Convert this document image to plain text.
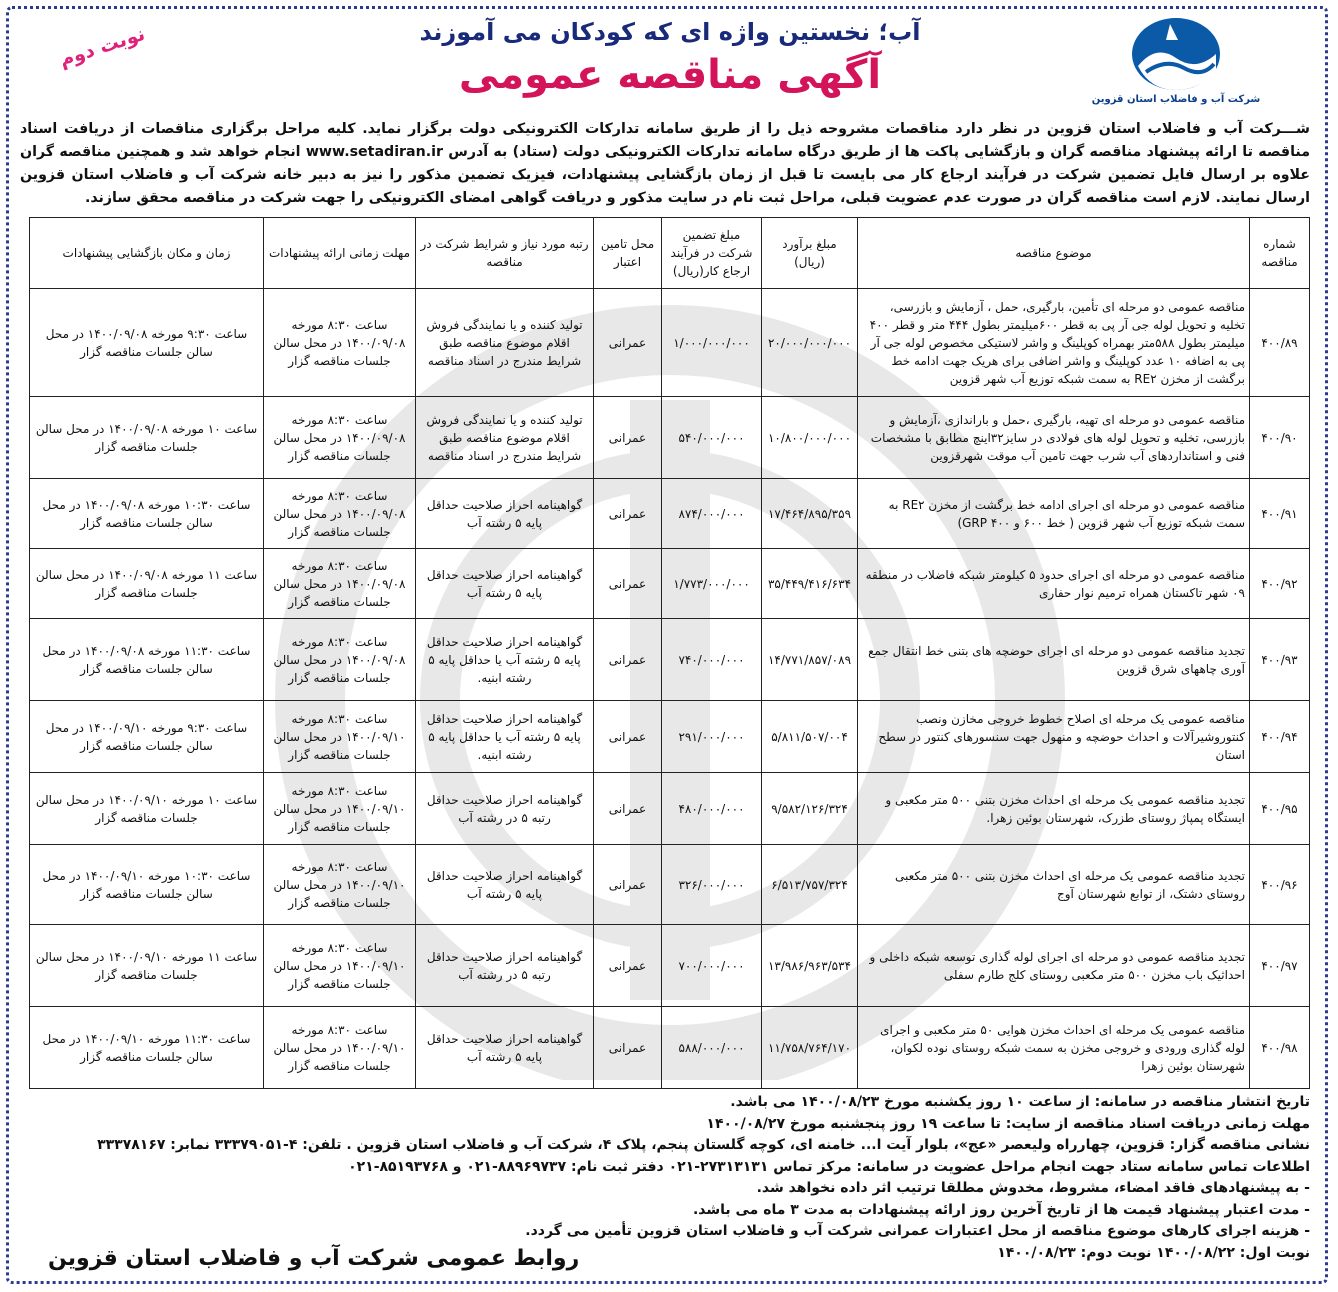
شرکت آب و فاضلاب استان قزوین
آب؛ نخستین واژه ای که کودکان می آموزند
آگهی مناقصه عمومی
نوبت دوم
شـــرکت آب و فاضلاب استان قزوین در نظر دارد مناقصات مشروحه ذیل را از طریق سامانه تدارکات الکترونیکی دولت برگزار نماید. کلیه مراحل برگزاری مناقصات از دریافت اسناد مناقصه تا ارائه پیشنهاد مناقصه گران و بازگشایی پاکت ها از طریق درگاه سامانه تدارکات الکترونیکی دولت (ستاد) به آدرس www.setadiran.ir انجام خواهد شد و همچنین مناقصه گران علاوه بر ارسال فایل تضمین شرکت در فرآیند ارجاع کار می بایست تا قبل از زمان بازگشایی پیشنهادات، فیزیک تضمین مذکور را نیز به دبیر خانه شرکت آب و فاضلاب استان قزوین ارسال نمایند. لازم است مناقصه گران در صورت عدم عضویت قبلی، مراحل ثبت نام در سایت مذکور و دریافت گواهی امضای الکترونیکی را جهت شرکت در مناقصه محقق سازند.
شماره مناقصه	موضوع مناقصه	مبلغ برآورد (ریال)	مبلغ تضمین شرکت در فرآیند ارجاع کار(ریال)	محل تامین اعتبار	رتبه مورد نیاز و شرایط شرکت در مناقصه	مهلت زمانی ارائه پیشنهادات	زمان و مکان بازگشایی پیشنهادات
۴۰۰/۸۹	مناقصه عمومی دو مرحله ای تأمین، بارگیری، حمل ، آزمایش و بازرسی، تخلیه و تحویل لوله جی آر پی به قطر ۶۰۰میلیمتر بطول ۴۴۴ متر و قطر ۴۰۰ میلیمتر بطول ۵۸۸متر بهمراه کوپلینگ و واشر لاستیکی مخصوص لوله جی آر پی به اضافه ۱۰ عدد کوپلینگ و واشر اضافی برای هریک جهت ادامه خط برگشت از مخزن RE۲ به سمت شبکه توزیع آب شهر قزوین	۲۰/۰۰۰/۰۰۰/۰۰۰	۱/۰۰۰/۰۰۰/۰۰۰	عمرانی	تولید کننده و یا نمایندگی فروش اقلام موضوع مناقصه طبق شرایط مندرج در اسناد مناقصه	ساعت ۸:۳۰ مورخه ۱۴۰۰/۰۹/۰۸ در محل سالن جلسات مناقصه گزار	ساعت ۹:۳۰ مورخه ۱۴۰۰/۰۹/۰۸ در محل سالن جلسات مناقصه گزار
۴۰۰/۹۰	مناقصه عمومی دو مرحله ای تهیه، بارگیری ،حمل و باراندازی ،آزمایش و بازرسی، تخلیه و تحویل لوله های فولادی در سایز۳۲اینچ مطابق با مشخصات فنی و استانداردهای آب شرب جهت تامین آب موقت شهرقزوین	۱۰/۸۰۰/۰۰۰/۰۰۰	۵۴۰/۰۰۰/۰۰۰	عمرانی	تولید کننده و یا نمایندگی فروش اقلام موضوع مناقصه طبق شرایط مندرج در اسناد مناقصه	ساعت ۸:۳۰ مورخه ۱۴۰۰/۰۹/۰۸ در محل سالن جلسات مناقصه گزار	ساعت ۱۰ مورخه ۱۴۰۰/۰۹/۰۸ در محل سالن جلسات مناقصه گزار
۴۰۰/۹۱	مناقصه عمومی دو مرحله ای اجرای ادامه خط برگشت از مخزن RE۲ به سمت شبکه توزیع آب شهر قزوین ( خط ۶۰۰ و ۴۰۰ GRP)	۱۷/۴۶۴/۸۹۵/۳۵۹	۸۷۴/۰۰۰/۰۰۰	عمرانی	گواهینامه احراز صلاحیت حداقل پایه ۵ رشته آب	ساعت ۸:۳۰ مورخه ۱۴۰۰/۰۹/۰۸ در محل سالن جلسات مناقصه گزار	ساعت ۱۰:۳۰ مورخه ۱۴۰۰/۰۹/۰۸ در محل سالن جلسات مناقصه گزار
۴۰۰/۹۲	مناقصه عمومی دو مرحله ای اجرای حدود ۵ کیلومتر شبکه فاضلاب در منطقه ۰۹ شهر تاکستان همراه ترمیم نوار حفاری	۳۵/۴۴۹/۴۱۶/۶۳۴	۱/۷۷۳/۰۰۰/۰۰۰	عمرانی	گواهینامه احراز صلاحیت حداقل پایه ۵ رشته آب	ساعت ۸:۳۰ مورخه ۱۴۰۰/۰۹/۰۸ در محل سالن جلسات مناقصه گزار	ساعت ۱۱ مورخه ۱۴۰۰/۰۹/۰۸ در محل سالن جلسات مناقصه گزار
۴۰۰/۹۳	تجدید مناقصه عمومی دو مرحله ای اجرای حوضچه های بتنی خط انتقال جمع آوری چاههای شرق قزوین	۱۴/۷۷۱/۸۵۷/۰۸۹	۷۴۰/۰۰۰/۰۰۰	عمرانی	گواهینامه احراز صلاحیت حداقل پایه ۵ رشته آب یا حداقل پایه ۵ رشته ابنیه.	ساعت ۸:۳۰ مورخه ۱۴۰۰/۰۹/۰۸ در محل سالن جلسات مناقصه گزار	ساعت ۱۱:۳۰ مورخه ۱۴۰۰/۰۹/۰۸ در محل سالن جلسات مناقصه گزار
۴۰۰/۹۴	مناقصه عمومی یک مرحله ای اصلاح خطوط خروجی مخازن ونصب کنتوروشیرآلات و احداث حوضچه و منهول جهت سنسورهای کنتور در سطح استان	۵/۸۱۱/۵۰۷/۰۰۴	۲۹۱/۰۰۰/۰۰۰	عمرانی	گواهینامه احراز صلاحیت حداقل پایه ۵ رشته آب یا حداقل پایه ۵ رشته ابنیه.	ساعت ۸:۳۰ مورخه ۱۴۰۰/۰۹/۱۰ در محل سالن جلسات مناقصه گزار	ساعت ۹:۳۰ مورخه ۱۴۰۰/۰۹/۱۰ در محل سالن جلسات مناقصه گزار
۴۰۰/۹۵	تجدید مناقصه عمومی یک مرحله ای احداث مخزن بتنی ۵۰۰ متر مکعبی و ایستگاه پمپاژ روستای طزرک، شهرستان بوئین زهرا.	۹/۵۸۲/۱۲۶/۳۲۴	۴۸۰/۰۰۰/۰۰۰	عمرانی	گواهینامه احراز صلاحیت حداقل رتبه ۵ در رشته آب	ساعت ۸:۳۰ مورخه ۱۴۰۰/۰۹/۱۰ در محل سالن جلسات مناقصه گزار	ساعت ۱۰ مورخه ۱۴۰۰/۰۹/۱۰ در محل سالن جلسات مناقصه گزار
۴۰۰/۹۶	تجدید مناقصه عمومی یک مرحله ای احداث مخزن بتنی ۵۰۰ متر مکعبی روستای دشتک، از توابع شهرستان آوج	۶/۵۱۳/۷۵۷/۳۲۴	۳۲۶/۰۰۰/۰۰۰	عمرانی	گواهینامه احراز صلاحیت حداقل پایه ۵ رشته آب	ساعت ۸:۳۰ مورخه ۱۴۰۰/۰۹/۱۰ در محل سالن جلسات مناقصه گزار	ساعت ۱۰:۳۰ مورخه ۱۴۰۰/۰۹/۱۰ در محل سالن جلسات مناقصه گزار
۴۰۰/۹۷	تجدید مناقصه عمومی دو مرحله ای اجرای لوله گذاری توسعه شبکه داخلی و احداثیک باب مخزن ۵۰۰ متر مکعبی روستای کلج طارم سفلی	۱۳/۹۸۶/۹۶۳/۵۳۴	۷۰۰/۰۰۰/۰۰۰	عمرانی	گواهینامه احراز صلاحیت حداقل رتبه ۵ در رشته آب	ساعت ۸:۳۰ مورخه ۱۴۰۰/۰۹/۱۰ در محل سالن جلسات مناقصه گزار	ساعت ۱۱ مورخه ۱۴۰۰/۰۹/۱۰ در محل سالن جلسات مناقصه گزار
۴۰۰/۹۸	مناقصه عمومی یک مرحله ای احداث مخزن هوایی ۵۰ متر مکعبی و اجرای لوله گذاری ورودی و خروجی مخزن به سمت شبکه روستای نوده لکوان، شهرستان بوئین زهرا	۱۱/۷۵۸/۷۶۴/۱۷۰	۵۸۸/۰۰۰/۰۰۰	عمرانی	گواهینامه احراز صلاحیت حداقل پایه ۵ رشته آب	ساعت ۸:۳۰ مورخه ۱۴۰۰/۰۹/۱۰ در محل سالن جلسات مناقصه گزار	ساعت ۱۱:۳۰ مورخه ۱۴۰۰/۰۹/۱۰ در محل سالن جلسات مناقصه گزار
تاریخ انتشار مناقصه در سامانه: از ساعت ۱۰ روز یکشنبه مورخ ۱۴۰۰/۰۸/۲۳ می باشد.
مهلت زمانی دریافت اسناد مناقصه از سایت: تا ساعت ۱۹ روز پنجشنبه مورخ ۱۴۰۰/۰۸/۲۷
نشانی مناقصه گزار: قزوین، چهارراه ولیعصر «عج»، بلوار آیت ا... خامنه ای، کوچه گلستان پنجم، پلاک ۴، شرکت آب و فاضلاب استان قزوین . تلفن: ۴-۳۳۳۷۹۰۵۱ نمابر: ۳۳۳۷۸۱۶۷
اطلاعات تماس سامانه ستاد جهت انجام مراحل عضویت در سامانه: مرکز تماس ۲۷۳۱۳۱۳۱-۰۲۱ دفتر ثبت نام: ۸۸۹۶۹۷۳۷-۰۲۱ و ۸۵۱۹۳۷۶۸-۰۲۱
- به پیشنهادهای فاقد امضاء، مشروط، مخدوش مطلقا ترتیب اثر داده نخواهد شد.
- مدت اعتبار پیشنهاد قیمت ها از تاریخ آخرین روز ارائه پیشنهادات به مدت ۳ ماه می باشد.
- هزینه اجرای کارهای موضوع مناقصه از محل اعتبارات عمرانی شرکت آب و فاضلاب استان قزوین تأمین می گردد.
نوبت اول: ۱۴۰۰/۰۸/۲۲ نوبت دوم: ۱۴۰۰/۰۸/۲۳
روابط عمومی شرکت آب و فاضلاب استان قزوین
